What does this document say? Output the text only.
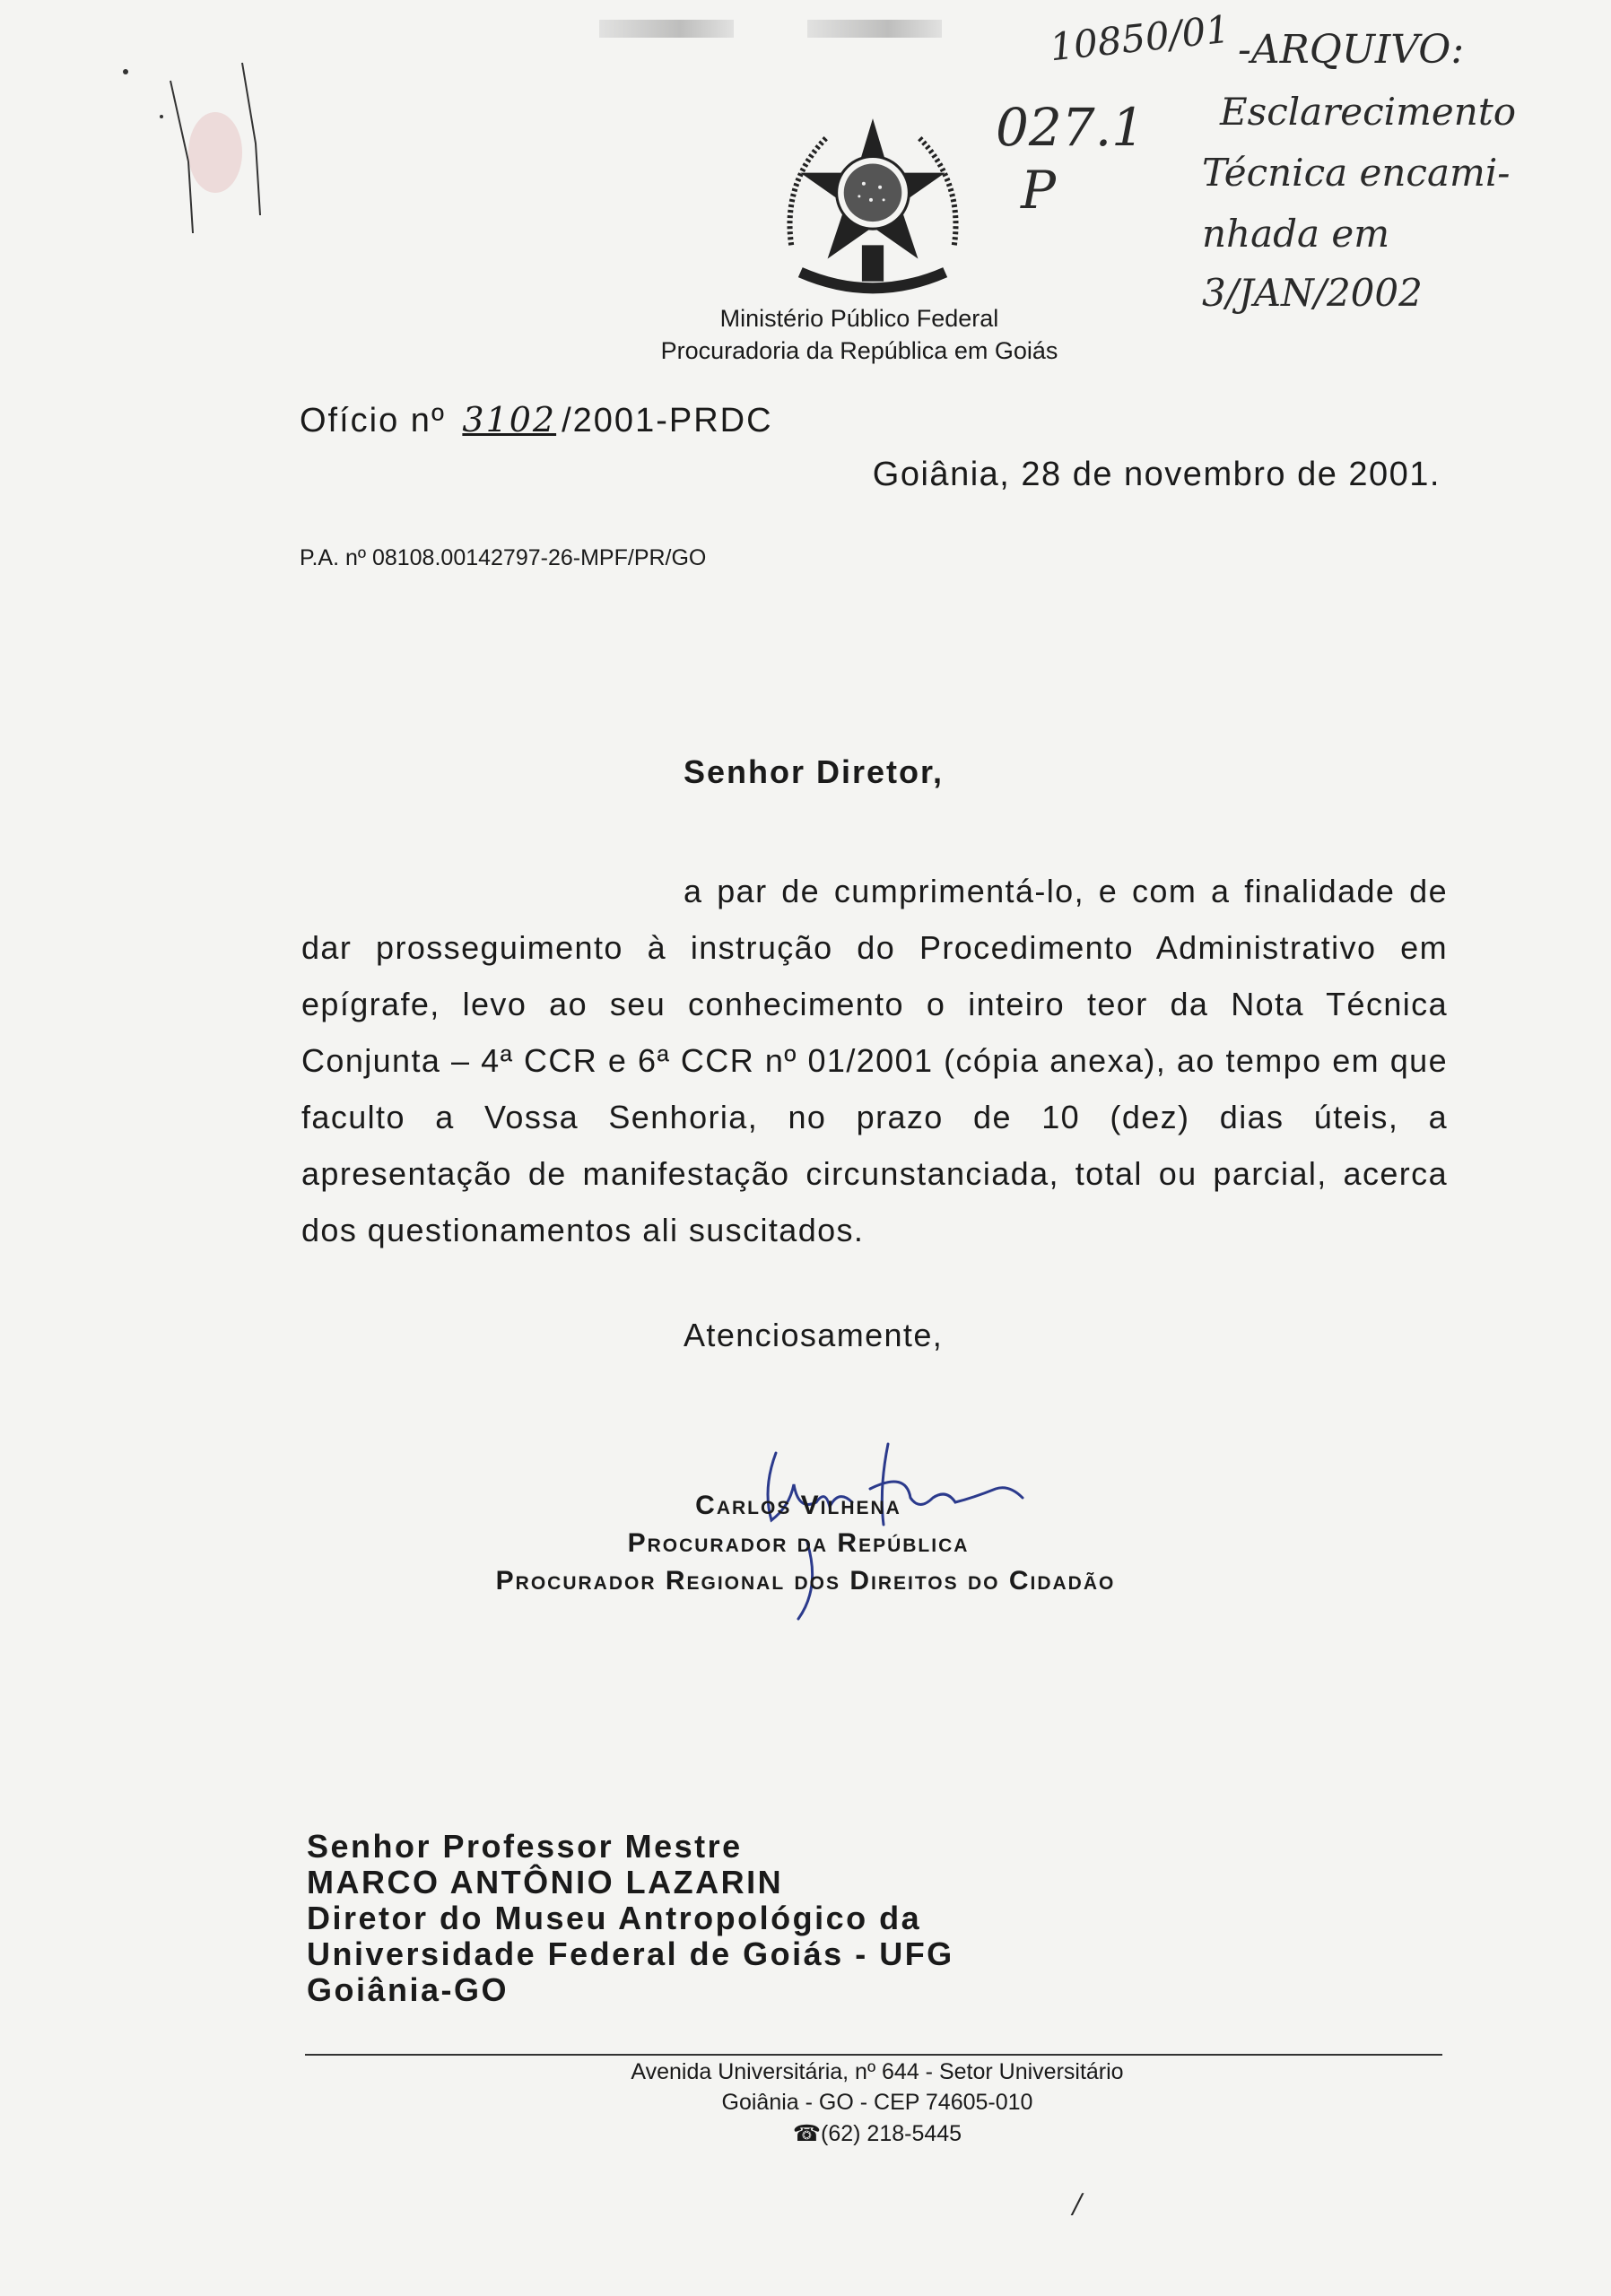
Ministério Público Federal
Procuradoria da República em Goiás
10850/01
027.1
P
-ARQUIVO:
Esclarecimento
Técnica encami-
nhada em
3/JAN/2002
Ofício nº 3102 /2001-PRDC
Goiânia, 28 de novembro de 2001.
P.A. nº 08108.00142797-26-MPF/PR/GO
Senhor Diretor,
a par de cumprimentá-lo, e com a finalidade de dar prosseguimento à instrução do Procedimento Administrativo em epígrafe, levo ao seu conhecimento o inteiro teor da Nota Técnica Conjunta – 4ª CCR e 6ª CCR nº 01/2001 (cópia anexa), ao tempo em que faculto a Vossa Senhoria, no prazo de 10 (dez) dias úteis, a apresentação de manifestação circunstanciada, total ou parcial, acerca dos questionamentos ali suscitados.
Atenciosamente,
Carlos Vilhena
Procurador da República
Procurador Regional dos Direitos do Cidadão
Senhor Professor Mestre
MARCO ANTÔNIO LAZARIN
Diretor do Museu Antropológico da
Universidade Federal de Goiás - UFG
Goiânia-GO
Avenida Universitária, nº 644 - Setor Universitário
Goiânia - GO - CEP 74605-010
☎(62) 218-5445
/
